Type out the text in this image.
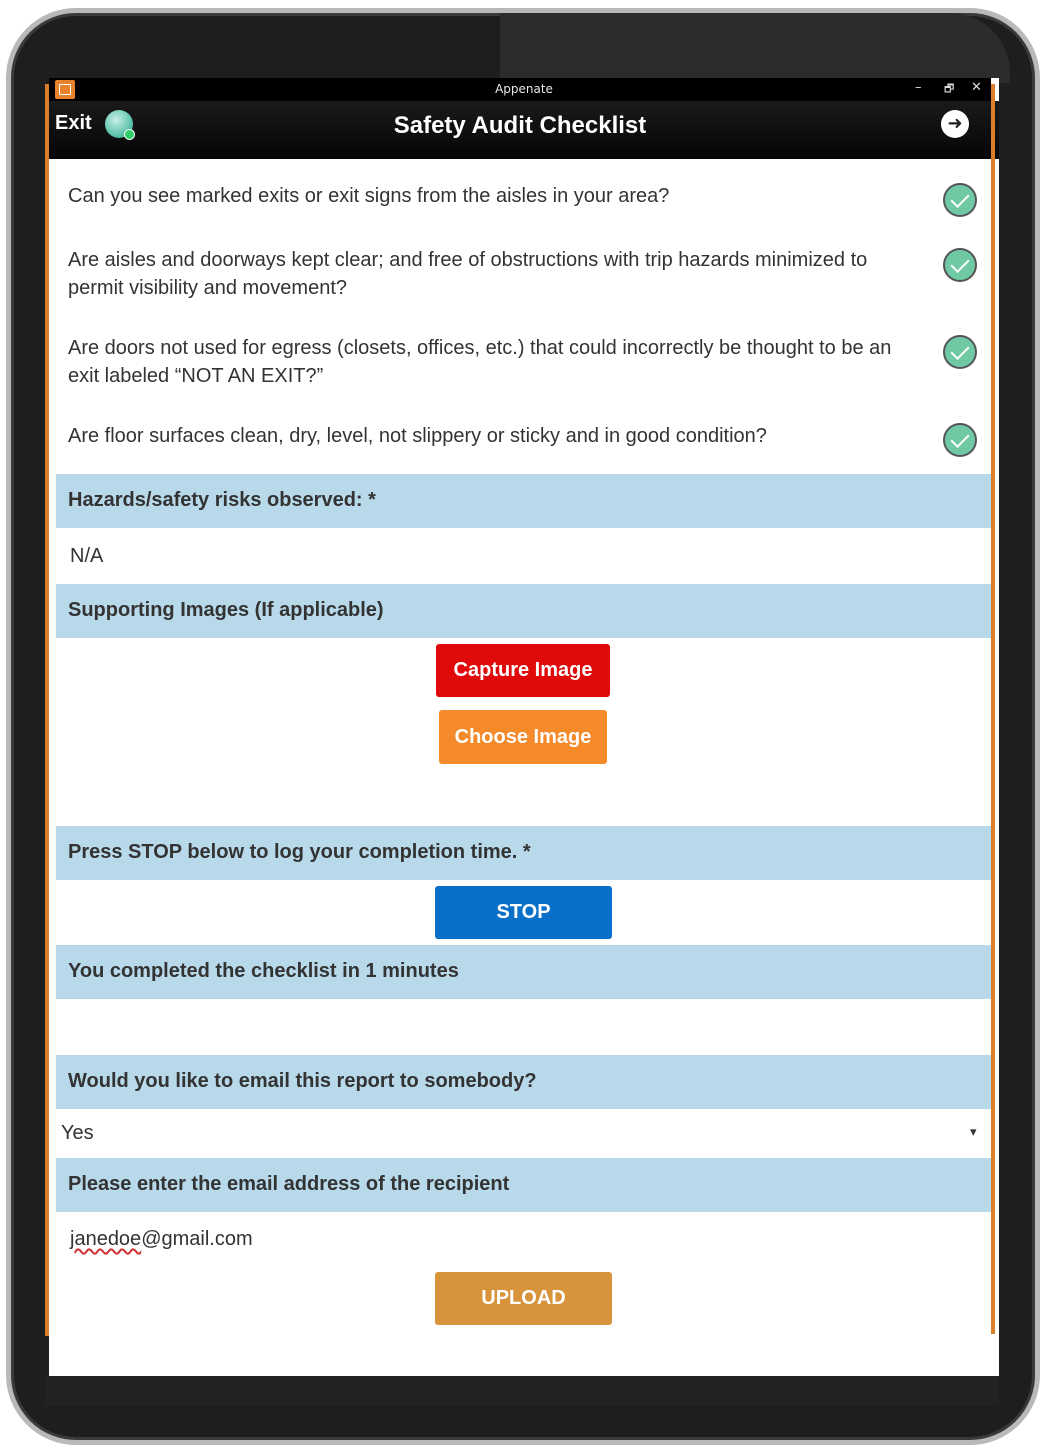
Appenate	– 🗗 ✕
Exit	Safety Audit Checklist	➜
Can you see marked exits or exit signs from the aisles in your area?
Are aisles and doorways kept clear; and free of obstructions with trip hazards minimized to permit visibility and movement?
Are doors not used for egress (closets, offices, etc.) that could incorrectly be thought to be an exit labeled “NOT AN EXIT?”
Are floor surfaces clean, dry, level, not slippery or sticky and in good condition?
Hazards/safety risks observed: *
N/A
Supporting Images (If applicable)
Capture Image
Choose Image
Press STOP below to log your completion time. *
STOP
You completed the checklist in 1 minutes
Would you like to email this report to somebody?
Yes	▾
Please enter the email address of the recipient
janedoe@gmail.com
UPLOAD
